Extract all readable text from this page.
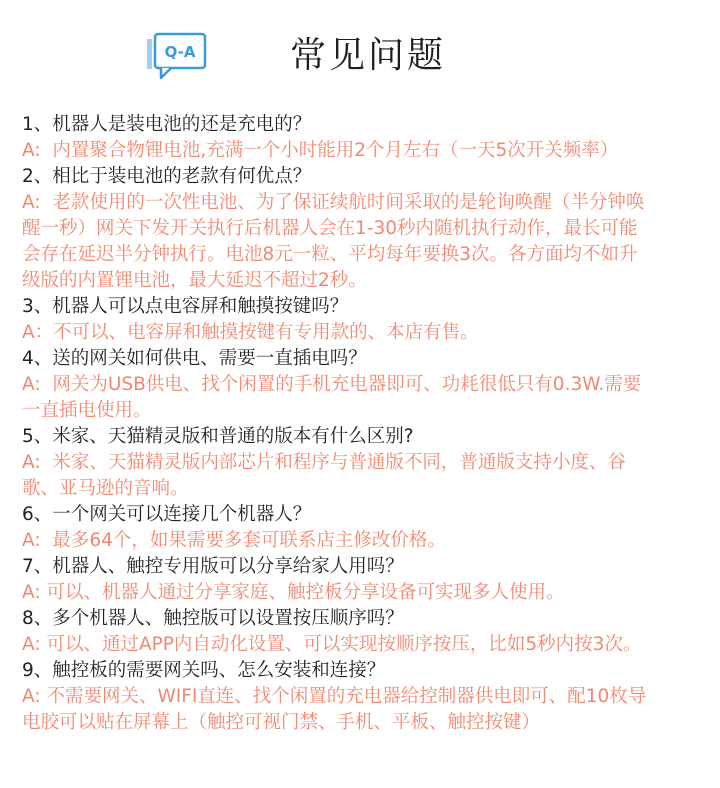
Q-A	常见问题
1、机器人是装电池的还是充电的？
A:  内置聚合物锂电池,充满一个小时能用2个月左右（一天5次开关频率）
2、相比于装电池的老款有何优点？
A:  老款使用的一次性电池、为了保证续航时间采取的是轮询唤醒（半分钟唤
醒一秒）网关下发开关执行后机器人会在1-30秒内随机执行动作，最长可能
会存在延迟半分钟执行。电池8元一粒、平均每年要换3次。各方面均不如升
级版的内置锂电池，最大延迟不超过2秒。
3、机器人可以点电容屏和触摸按键吗？
A：不可以、电容屏和触摸按键有专用款的、本店有售。
4、送的网关如何供电、需要一直插电吗？
A:  网关为USB供电、找个闲置的手机充电器即可、功耗很低只有0.3W.需要
一直插电使用。
5、米家、天猫精灵版和普通的版本有什么区别?
A:  米家、天猫精灵版内部芯片和程序与普通版不同，普通版支持小度、谷
歌、亚马逊的音响。
6、一个网关可以连接几个机器人？
A:  最多64个，如果需要多套可联系店主修改价格。
7、机器人、触控专用版可以分享给家人用吗？
A: 可以、机器人通过分享家庭、触控板分享设备可实现多人使用。
8、多个机器人、触控版可以设置按压顺序吗？
A: 可以、通过APP内自动化设置、可以实现按顺序按压，比如5秒内按3次。
9、触控板的需要网关吗、怎么安装和连接？
A: 不需要网关、WIFI直连、找个闲置的充电器给控制器供电即可、配10枚导
电胶可以贴在屏幕上（触控可视门禁、手机、平板、触控按键）
